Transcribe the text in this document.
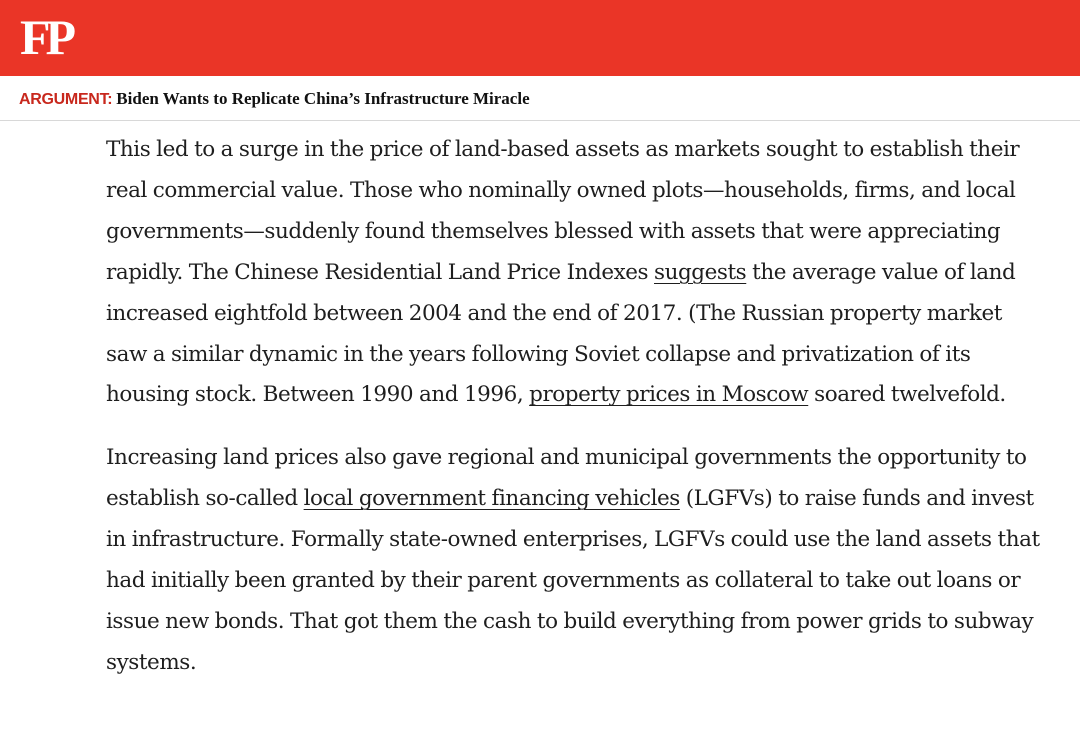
FP
ARGUMENT: Biden Wants to Replicate China’s Infrastructure Miracle

This led to a surge in the price of land-based assets as markets sought to establish their real commercial value. Those who nominally owned plots—households, firms, and local governments—suddenly found themselves blessed with assets that were appreciating rapidly. The Chinese Residential Land Price Indexes suggests the average value of land increased eightfold between 2004 and the end of 2017. (The Russian property market saw a similar dynamic in the years following Soviet collapse and privatization of its housing stock. Between 1990 and 1996, property prices in Moscow soared twelvefold.

Increasing land prices also gave regional and municipal governments the opportunity to establish so-called local government financing vehicles (LGFVs) to raise funds and invest in infrastructure. Formally state-owned enterprises, LGFVs could use the land assets that had initially been granted by their parent governments as collateral to take out loans or issue new bonds. That got them the cash to build everything from power grids to subway systems.
